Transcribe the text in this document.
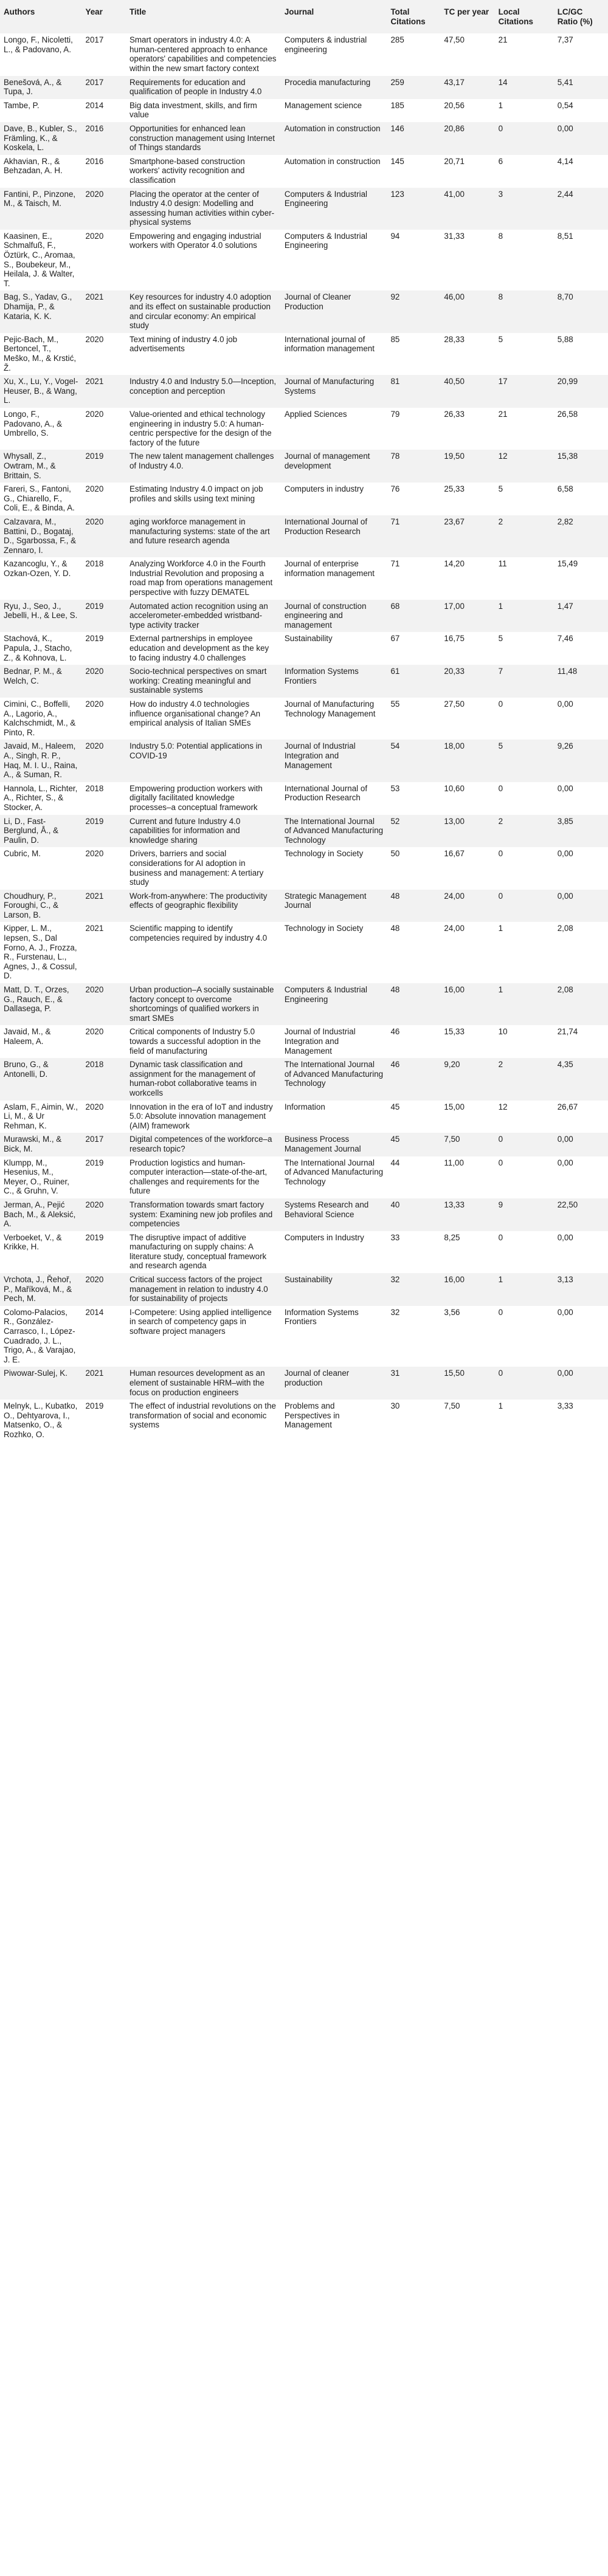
Authors	Year	Title	Journal	Total Citations	TC per year	Local Citations	LC/GC Ratio (%)
Longo, F., Nicoletti, L., & Padovano, A.	2017	Smart operators in industry 4.0: A human-centered approach to enhance operators' capabilities and competencies within the new smart factory context	Computers & industrial engineering	285	47,50	21	7,37
Benešová, A., & Tupa, J.	2017	Requirements for education and qualification of people in Industry 4.0	Procedia manufacturing	259	43,17	14	5,41
Tambe, P.	2014	Big data investment, skills, and firm value	Management science	185	20,56	1	0,54
Dave, B., Kubler, S., Främling, K., & Koskela, L.	2016	Opportunities for enhanced lean construction management using Internet of Things standards	Automation in construction	146	20,86	0	0,00
Akhavian, R., & Behzadan, A. H.	2016	Smartphone-based construction workers' activity recognition and classification	Automation in construction	145	20,71	6	4,14
Fantini, P., Pinzone, M., & Taisch, M.	2020	Placing the operator at the center of Industry 4.0 design: Modelling and assessing human activities within cyber-physical systems	Computers & Industrial Engineering	123	41,00	3	2,44
Kaasinen, E., Schmalfuß, F., Öztürk, C., Aromaa, S., Boubekeur, M., Heilala, J. & Walter, T.	2020	Empowering and engaging industrial workers with Operator 4.0 solutions	Computers & Industrial Engineering	94	31,33	8	8,51
Bag, S., Yadav, G., Dhamija, P., & Kataria, K. K.	2021	Key resources for industry 4.0 adoption and its effect on sustainable production and circular economy: An empirical study	Journal of Cleaner Production	92	46,00	8	8,70
Pejic-Bach, M., Bertoncel, T., Meško, M., & Krstić, Ž.	2020	Text mining of industry 4.0 job advertisements	International journal of information management	85	28,33	5	5,88
Xu, X., Lu, Y., Vogel-Heuser, B., & Wang, L.	2021	Industry 4.0 and Industry 5.0—Inception, conception and perception	Journal of Manufacturing Systems	81	40,50	17	20,99
Longo, F., Padovano, A., & Umbrello, S.	2020	Value-oriented and ethical technology engineering in industry 5.0: A human-centric perspective for the design of the factory of the future	Applied Sciences	79	26,33	21	26,58
Whysall, Z., Owtram, M., & Brittain, S.	2019	The new talent management challenges of Industry 4.0.	Journal of management development	78	19,50	12	15,38
Fareri, S., Fantoni, G., Chiarello, F., Coli, E., & Binda, A.	2020	Estimating Industry 4.0 impact on job profiles and skills using text mining	Computers in industry	76	25,33	5	6,58
Calzavara, M., Battini, D., Bogataj, D., Sgarbossa, F., & Zennaro, I.	2020	aging workforce management in manufacturing systems: state of the art and future research agenda	International Journal of Production Research	71	23,67	2	2,82
Kazancoglu, Y., & Ozkan-Ozen, Y. D.	2018	Analyzing Workforce 4.0 in the Fourth Industrial Revolution and proposing a road map from operations management perspective with fuzzy DEMATEL	Journal of enterprise information management	71	14,20	11	15,49
Ryu, J., Seo, J., Jebelli, H., & Lee, S.	2019	Automated action recognition using an accelerometer-embedded wristband-type activity tracker	Journal of construction engineering and management	68	17,00	1	1,47
Stachová, K., Papula, J., Stacho, Z., & Kohnova, L.	2019	External partnerships in employee education and development as the key to facing industry 4.0 challenges	Sustainability	67	16,75	5	7,46
Bednar, P. M., & Welch, C.	2020	Socio-technical perspectives on smart working: Creating meaningful and sustainable systems	Information Systems Frontiers	61	20,33	7	11,48
Cimini, C., Boffelli, A., Lagorio, A., Kalchschmidt, M., & Pinto, R.	2020	How do industry 4.0 technologies influence organisational change? An empirical analysis of Italian SMEs	Journal of Manufacturing Technology Management	55	27,50	0	0,00
Javaid, M., Haleem, A., Singh, R. P., Haq, M. I. U., Raina, A., & Suman, R.	2020	Industry 5.0: Potential applications in COVID-19	Journal of Industrial Integration and Management	54	18,00	5	9,26
Hannola, L., Richter, A., Richter, S., & Stocker, A.	2018	Empowering production workers with digitally facilitated knowledge processes–a conceptual framework	International Journal of Production Research	53	10,60	0	0,00
Li, D., Fast-Berglund, Å., & Paulin, D.	2019	Current and future Industry 4.0 capabilities for information and knowledge sharing	The International Journal of Advanced Manufacturing Technology	52	13,00	2	3,85
Cubric, M.	2020	Drivers, barriers and social considerations for AI adoption in business and management: A tertiary study	Technology in Society	50	16,67	0	0,00
Choudhury, P., Foroughi, C., & Larson, B.	2021	Work-from-anywhere: The productivity effects of geographic flexibility	Strategic Management Journal	48	24,00	0	0,00
Kipper, L. M., Iepsen, S., Dal Forno, A. J., Frozza, R., Furstenau, L., Agnes, J., & Cossul, D.	2021	Scientific mapping to identify competencies required by industry 4.0	Technology in Society	48	24,00	1	2,08
Matt, D. T., Orzes, G., Rauch, E., & Dallasega, P.	2020	Urban production–A socially sustainable factory concept to overcome shortcomings of qualified workers in smart SMEs	Computers & Industrial Engineering	48	16,00	1	2,08
Javaid, M., & Haleem, A.	2020	Critical components of Industry 5.0 towards a successful adoption in the field of manufacturing	Journal of Industrial Integration and Management	46	15,33	10	21,74
Bruno, G., & Antonelli, D.	2018	Dynamic task classification and assignment for the management of human-robot collaborative teams in workcells	The International Journal of Advanced Manufacturing Technology	46	9,20	2	4,35
Aslam, F., Aimin, W., Li, M., & Ur Rehman, K.	2020	Innovation in the era of IoT and industry 5.0: Absolute innovation management (AIM) framework	Information	45	15,00	12	26,67
Murawski, M., & Bick, M.	2017	Digital competences of the workforce–a research topic?	Business Process Management Journal	45	7,50	0	0,00
Klumpp, M., Hesenius, M., Meyer, O., Ruiner, C., & Gruhn, V.	2019	Production logistics and human-computer interaction—state-of-the-art, challenges and requirements for the future	The International Journal of Advanced Manufacturing Technology	44	11,00	0	0,00
Jerman, A., Pejić Bach, M., & Aleksić, A.	2020	Transformation towards smart factory system: Examining new job profiles and competencies	Systems Research and Behavioral Science	40	13,33	9	22,50
Verboeket, V., & Krikke, H.	2019	The disruptive impact of additive manufacturing on supply chains: A literature study, conceptual framework and research agenda	Computers in Industry	33	8,25	0	0,00
Vrchota, J., Řehoř, P., Maříková, M., & Pech, M.	2020	Critical success factors of the project management in relation to industry 4.0 for sustainability of projects	Sustainability	32	16,00	1	3,13
Colomo-Palacios, R., González-Carrasco, I., López-Cuadrado, J. L., Trigo, A., & Varajao, J. E.	2014	I-Competere: Using applied intelligence in search of competency gaps in software project managers	Information Systems Frontiers	32	3,56	0	0,00
Piwowar-Sulej, K.	2021	Human resources development as an element of sustainable HRM–with the focus on production engineers	Journal of cleaner production	31	15,50	0	0,00
Melnyk, L., Kubatko, O., Dehtyarova, I., Matsenko, O., & Rozhko, O.	2019	The effect of industrial revolutions on the transformation of social and economic systems	Problems and Perspectives in Management	30	7,50	1	3,33
